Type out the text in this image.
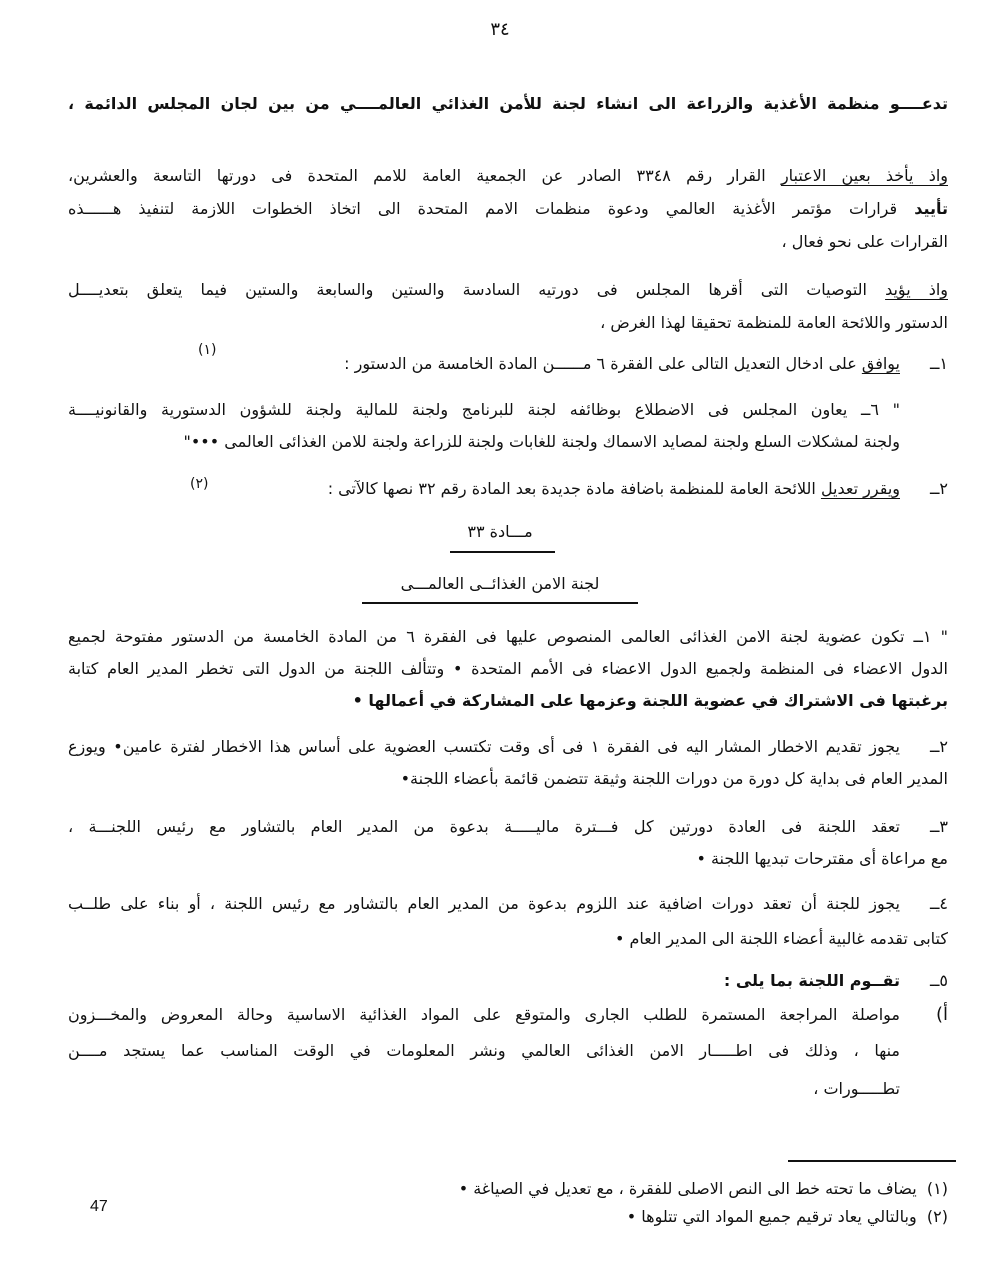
٣٤
تدعــــو منظمة الأغذية والزراعة الى انشاء لجنة للأمن الغذائي العالمــــي من بين لجان المجلس الدائمة ،
واذ يأخذ بعين الاعتبار القرار رقم ٣٣٤٨ الصادر عن الجمعية العامة للامم المتحدة فى دورتها التاسعة والعشرين،
تأييد قرارات مؤتمر الأغذية العالمي ودعوة منظمات الامم المتحدة الى اتخاذ الخطوات اللازمة لتنفيذ هــــــذه
القرارات على نحو فعال ،
واذ يؤيد التوصيات التى أقرها المجلس فى دورتيه السادسة والستين والسابعة والستين فيما يتعلق بتعديــــل
الدستور واللائحة العامة للمنظمة تحقيقا لهذا الغرض ،
١ــ
يوافق على ادخال التعديل التالى على الفقرة ٦ مــــــن المادة الخامسة من الدستور :
(١)
" ٦ــ يعاون المجلس فى الاضطلاع بوظائفه لجنة للبرنامج ولجنة للمالية ولجنة للشؤون الدستورية والقانونيــــة
ولجنة لمشكلات السلع ولجنة لمصايد الاسماك ولجنة للغابات ولجنة للزراعة ولجنة للامن الغذائى العالمى •••"
٢ــ
ويقرر تعديل اللائحة العامة للمنظمة باضافة مادة جديدة بعد المادة رقم ٣٢ نصها كالآتى :
(٢)
مـــادة ٣٣
لجنة الامن الغذائــى العالمـــى
" ١ــ تكون عضوية لجنة الامن الغذائى العالمى المنصوص عليها فى الفقرة ٦ من المادة الخامسة من الدستور مفتوحة لجميع
الدول الاعضاء فى المنظمة ولجميع الدول الاعضاء فى الأمم المتحدة • وتتألف اللجنة من الدول التى تخطر المدير العام كتابة
برغبتها فى الاشتراك في عضوية اللجنة وعزمها على المشاركة في أعمالها •
٢ــ
يجوز تقديم الاخطار المشار اليه فى الفقرة ١ فى أى وقت تكتسب العضوية على أساس هذا الاخطار لفترة عامين• ويوزع
المدير العام فى بداية كل دورة من دورات اللجنة وثيقة تتضمن قائمة بأعضاء اللجنة•
٣ــ
تعقد اللجنة فى العادة دورتين كل فـــترة ماليـــــة بدعوة من المدير العام بالتشاور مع رئيس اللجنـــة ،
مع مراعاة أى مقترحات تبديها اللجنة •
٤ــ
يجوز للجنة أن تعقد دورات اضافية عند اللزوم بدعوة من المدير العام بالتشاور مع رئيس اللجنة ، أو بناء على طلــب
كتابى تقدمه غالبية أعضاء اللجنة الى المدير العام •
٥ــ
تقــوم اللجنة بما يلى :
أ)
مواصلة المراجعة المستمرة للطلب الجارى والمتوقع على المواد الغذائية الاساسية وحالة المعروض والمخـــزون
منها ، وذلك فى اطـــــار الامن الغذائى العالمي ونشر المعلومات في الوقت المناسب عما يستجد مــــن
تطـــــورات ،
(١)  يضاف ما تحته خط الى النص الاصلى للفقرة ، مع تعديل في الصياغة •
(٢)  وبالتالي يعاد ترقيم جميع المواد التي تتلوها •
47
